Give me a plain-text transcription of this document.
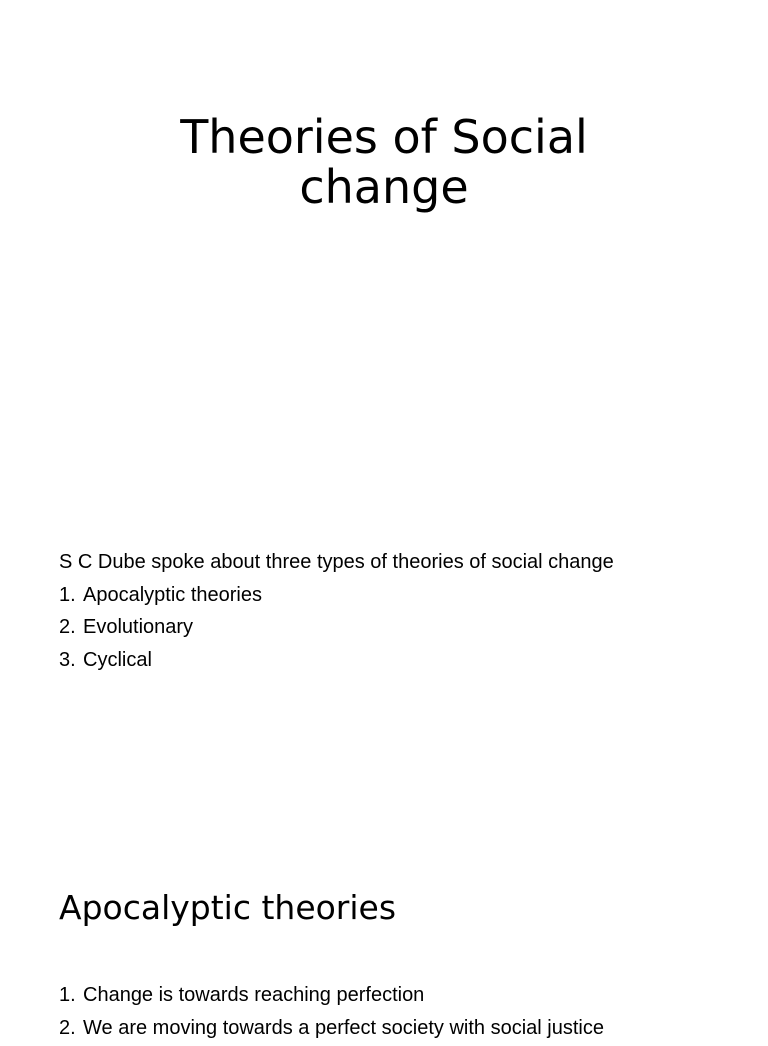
Theories of Social
change

S C Dube spoke about three types of theories of social change

1. Apocalyptic theories
2. Evolutionary
3. Cyclical
Apocalyptic theories
1. Change is towards reaching perfection
2. We are moving towards a perfect society with social justice
